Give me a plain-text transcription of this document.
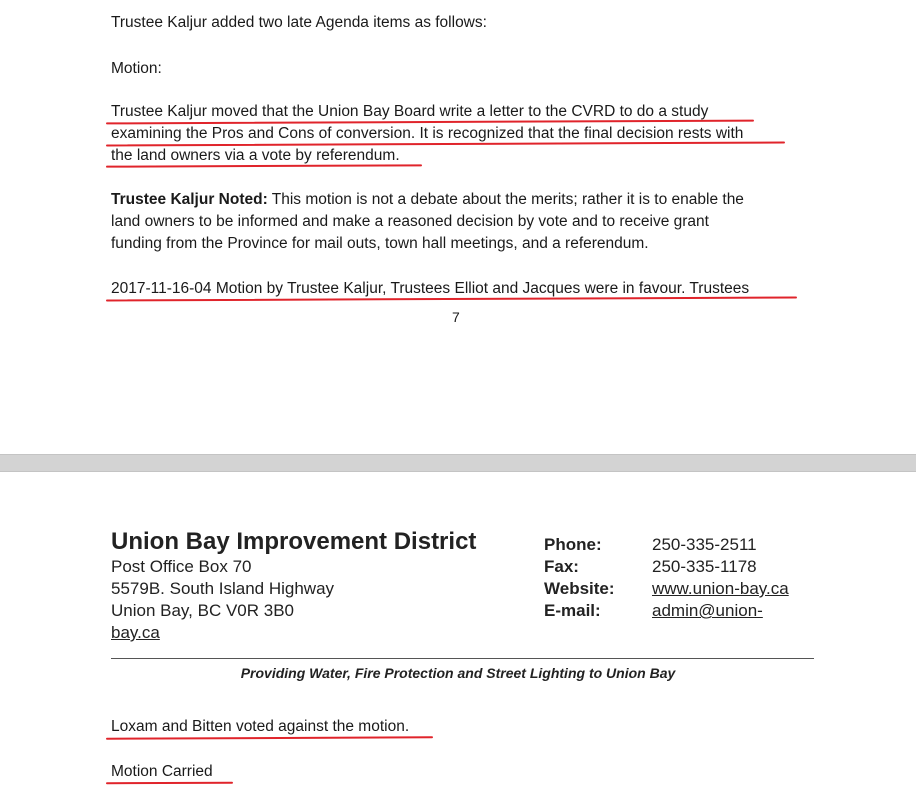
Trustee Kaljur added two late Agenda items as follows:
Motion:
Trustee Kaljur moved that the Union Bay Board write a letter to the CVRD to do a study
examining the Pros and Cons of conversion. It is recognized that the final decision rests with
the land owners via a vote by referendum.
Trustee Kaljur Noted: This motion is not a debate about the merits; rather it is to enable the
land owners to be informed and make a reasoned decision by vote and to receive grant
funding from the Province for mail outs, town hall meetings, and a referendum.
2017-11-16-04 Motion by Trustee Kaljur, Trustees Elliot and Jacques were in favour. Trustees
7
Union Bay Improvement District
Post Office Box 70
5579B. South Island Highway
Union Bay, BC V0R 3B0
bay.ca
Phone:	250-335-2511
Fax:	250-335-1178
Website: www.union-bay.ca
E-mail:	admin@union-
Providing Water, Fire Protection and Street Lighting to Union Bay
Loxam and Bitten voted against the motion.
Motion Carried
